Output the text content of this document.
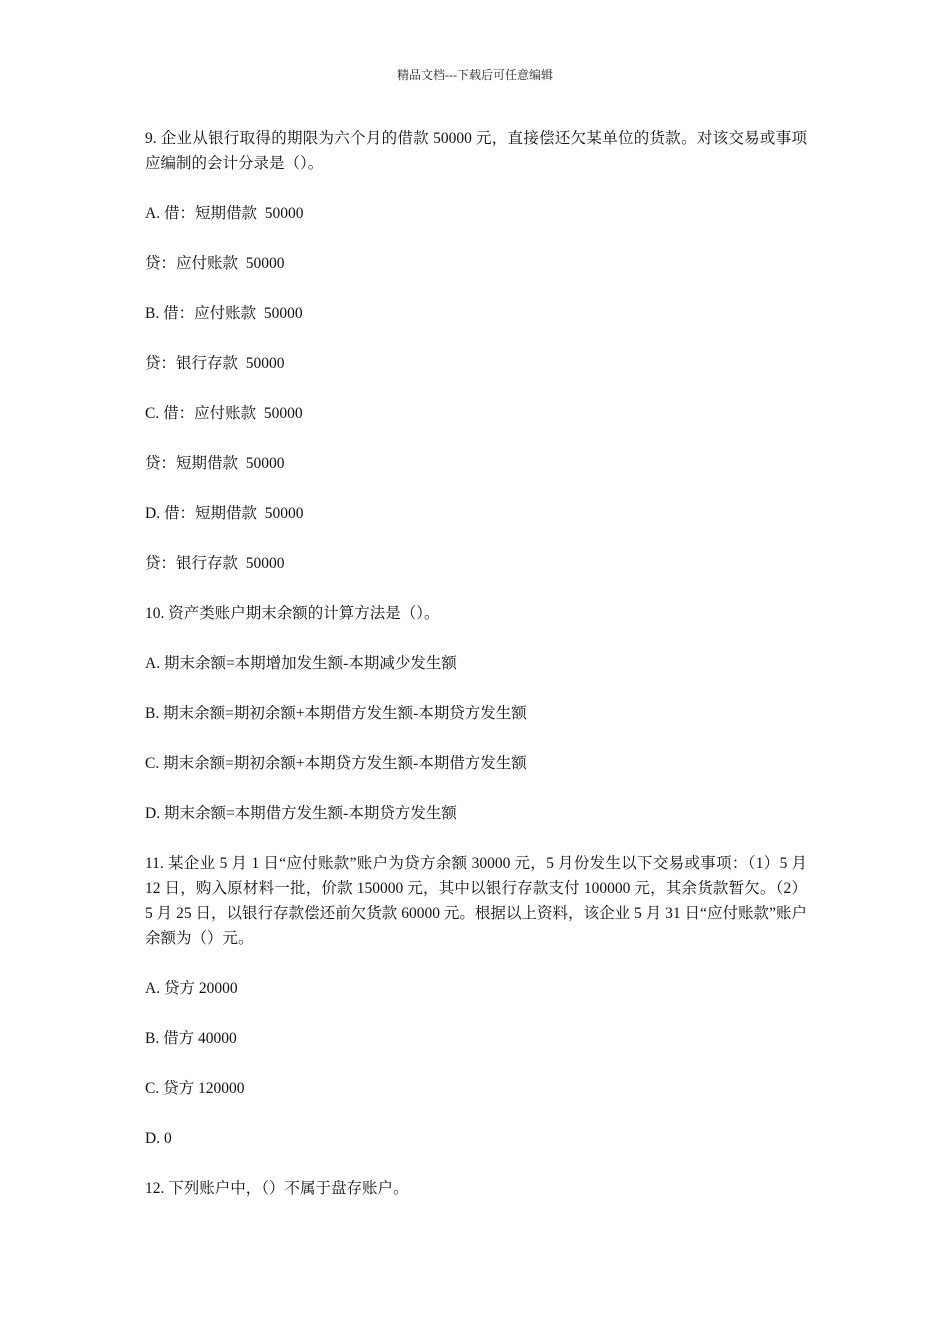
精品文档---下载后可任意编辑

9. 企业从银行取得的期限为六个月的借款 50000 元，直接偿还欠某单位的货款。对该交易或事项应编制的会计分录是（）。

A. 借：短期借款  50000

贷：应付账款  50000

B. 借：应付账款  50000

贷：银行存款  50000

C. 借：应付账款  50000

贷：短期借款  50000

D. 借：短期借款  50000

贷：银行存款  50000

10. 资产类账户期末余额的计算方法是（）。

A. 期末余额=本期增加发生额-本期减少发生额

B. 期末余额=期初余额+本期借方发生额-本期贷方发生额

C. 期末余额=期初余额+本期贷方发生额-本期借方发生额

D. 期末余额=本期借方发生额-本期贷方发生额

11. 某企业 5 月 1 日“应付账款”账户为贷方余额 30000 元，5 月份发生以下交易或事项：（1）5 月 12 日，购入原材料一批，价款 150000 元，其中以银行存款支付 100000 元，其余货款暂欠。（2）5 月 25 日，以银行存款偿还前欠货款 60000 元。根据以上资料，该企业 5 月 31 日“应付账款”账户余额为（）元。

A. 贷方 20000

B. 借方 40000

C. 贷方 120000

D. 0

12. 下列账户中，（）不属于盘存账户。
